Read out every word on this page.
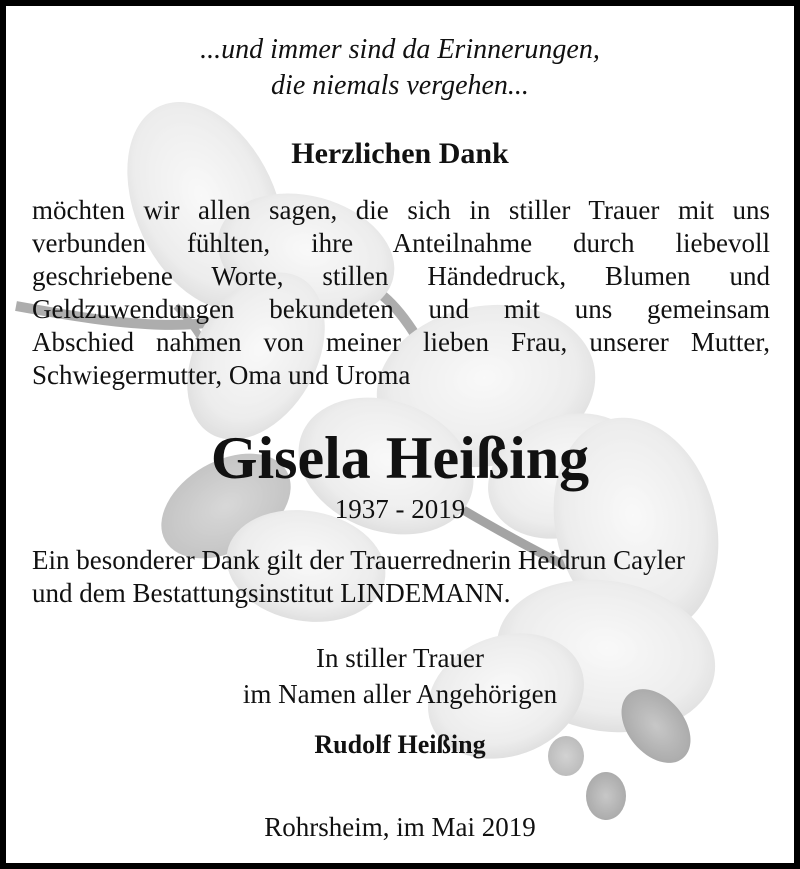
...und immer sind da Erinnerungen,
die niemals vergehen...
Herzlichen Dank
möchten wir allen sagen, die sich in stiller Trauer mit uns
verbunden fühlten, ihre Anteilnahme durch liebevoll
geschriebene Worte, stillen Händedruck, Blumen und
Geldzuwendungen bekundeten und mit uns gemeinsam
Abschied nahmen von meiner lieben Frau, unserer Mutter,
Schwiegermutter, Oma und Uroma
Gisela Heißing
1937 - 2019
Ein besonderer Dank gilt der Trauerrednerin Heidrun Cayler
und dem Bestattungsinstitut LINDEMANN.
In stiller Trauer
im Namen aller Angehörigen
Rudolf Heißing
Rohrsheim, im Mai 2019
